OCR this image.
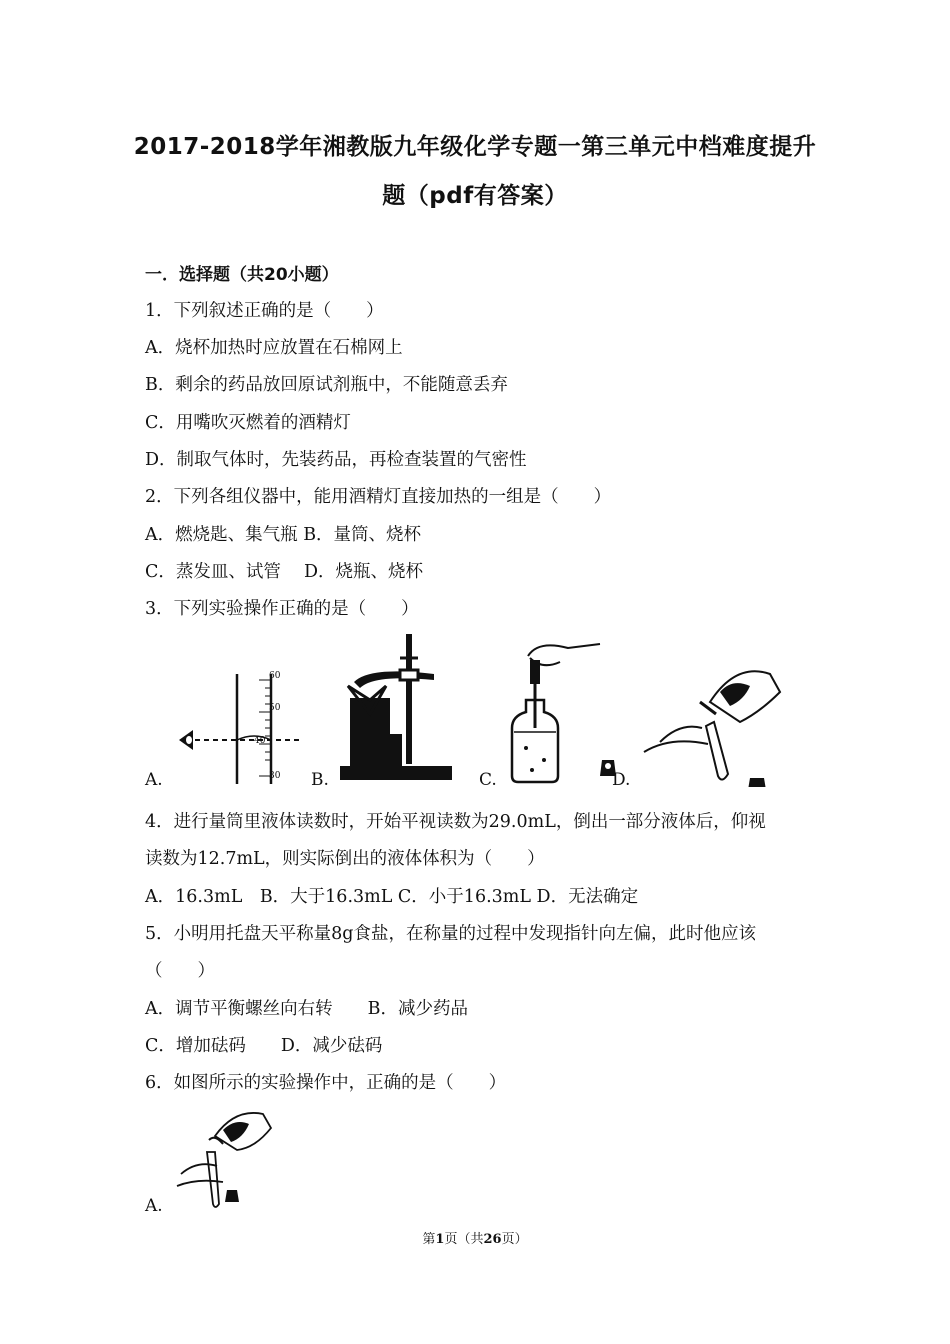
2017-2018学年湘教版九年级化学专题一第三单元中档难度提升
题（pdf有答案）
一．选择题（共20小题）
1．下列叙述正确的是（　　）
A．烧杯加热时应放置在石棉网上
B．剩余的药品放回原试剂瓶中，不能随意丢弃
C．用嘴吹灭燃着的酒精灯
D．制取气体时，先装药品，再检查装置的气密性
2．下列各组仪器中，能用酒精灯直接加热的一组是（　　）
A．燃烧匙、集气瓶 B．量筒、烧杯
C．蒸发皿、试管　 D．烧瓶、烧杯
3．下列实验操作正确的是（　　）
60
50
40
30
A.	B.	C.	D.
4．进行量筒里液体读数时，开始平视读数为29.0mL，倒出一部分液体后，仰视
读数为12.7mL，则实际倒出的液体体积为（　　）
A．16.3mL　B．大于16.3mL C．小于16.3mL D．无法确定
5．小明用托盘天平称量8g食盐，在称量的过程中发现指针向左偏，此时他应该
（　　）
A．调节平衡螺丝向右转　　B．减少药品
C．增加砝码　　D．减少砝码
6．如图所示的实验操作中，正确的是（　　）
A.
第1页（共26页）
